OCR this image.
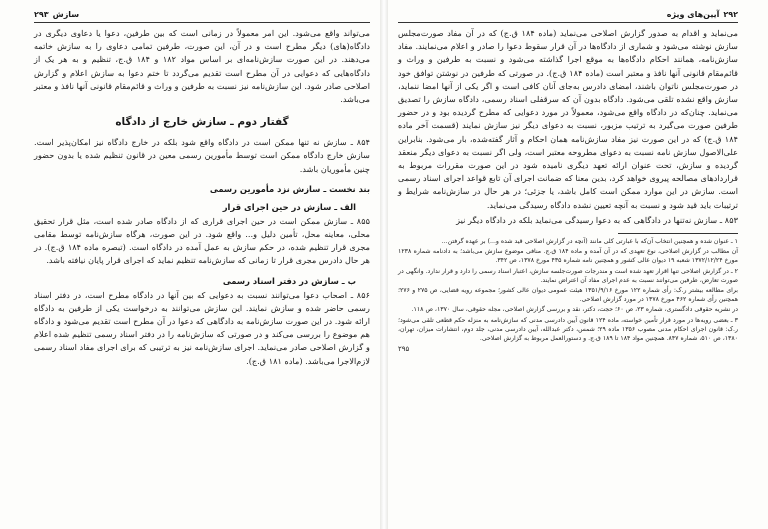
سازش
۲۹۳

می‌تواند واقع می‌شود. این امر معمولاً در زمانی است که بین طرفین، دعوا یا دعاوی دیگری در دادگاه(های) دیگر مطرح است و در آن، این صورت، طرفین تمامی دعاوی را به سازش خاتمه می‌دهند. در این صورت سازش‌نامه‌ای بر اساس مواد ۱۸۲ و ۱۸۴ ق.ج، تنظیم و به هر یک از دادگاه‌هایی که دعوایی در آن مطرح است تقدیم می‌گردد تا ختم دعوا به سازش اعلام و گزارش اصلاحی صادر شود. این سازش‌نامه نیز نسبت به طرفین و وراث و قائم‌مقام قانونی آنها نافذ و معتبر می‌باشد.

گفتار دوم ـ سازش خارج از دادگاه

۸۵۴ ـ سازش نه تنها ممکن است در دادگاه واقع شود بلکه در خارج دادگاه نیز امکان‌پذیر است. سازش خارج دادگاه ممکن است توسط مأمورین رسمی معین در قانون تنظیم شده یا بدون حضور چنین مأموریان باشد.

بند نخست ـ سازش نزد مأمورین رسمی
الف ـ سازش در حین اجرای قرار

۸۵۵ ـ سازش ممکن است در حین اجرای قراری که از دادگاه صادر شده است، مثل قرار تحقیق محلی، معاینه محل، تأمین دلیل و... واقع شود. در این صورت، هرگاه سازش‌نامه توسط مقامی مجری قرار تنظیم شده، در حکم سازش به عمل آمده در دادگاه است. (تبصره ماده ۱۸۴ ق.ج). در هر حال دادرس مجری قرار تا زمانی که سازش‌نامه تنظیم نماید که اجرای قرار پایان نیافته باشد.

ب ـ سازش در دفتر اسناد رسمی

۸۵۶ ـ اصحاب دعوا می‌توانند نسبت به دعوایی که بین آنها در دادگاه مطرح است، در دفتر اسناد رسمی حاضر شده و سازش نمایند. این سازش می‌توانند به درخواست یکی از طرفین به دادگاه ارائه شود. در این صورت سازش‌نامه به دادگاهی که دعوا در آن مطرح است تقدیم می‌شود و دادگاه هم موضوع را بررسی می‌کند و در صورتی که سازش‌نامه را در دفتر اسناد رسمی تنظیم شده اعلام و گزارش اصلاحی صادر می‌نماید. اجرای سازش‌نامه نیز به ترتیبی که برای اجرای مفاد اسناد رسمی لازم‌الاجرا می‌باشد. (ماده ۱۸۱ ق.ج).

۲۹۲
آیین‌های ویژه

می‌نماید و اقدام به صدور گزارش اصلاحی می‌نماید (ماده ۱۸۴ ق.ج) که در آن مفاد صورت‌مجلس سازش نوشته می‌شود و شماری از دادگاه‌ها در آن قرار سقوط دعوا را صادر و اعلام می‌نمایند. مفاد سازش‌نامه، همانند احکام دادگاه‌ها به موقع اجرا گذاشته می‌شود و نسبت به طرفین و وراث و قائم‌مقام قانونی آنها نافذ و معتبر است (ماده ۱۸۴ ق.ج). در صورتی که طرفین در نوشتن توافق خود در صورت‌مجلس ناتوان باشند، امضای دادرس به‌جای آنان کافی است و اگر یکی از آنها امضا ننماید، سازش واقع نشده تلقی می‌شود. دادگاه بدون آن که سرقفلی اسناد رسمی، دادگاه سازش را تصدیق می‌نماید. چنان‌که در دادگاه واقع می‌شود، معمولاً در مورد دعوایی که مطرح گردیده بود و در حضور طرفین صورت می‌گیرد به ترتیب مزبور، نسبت به دعوای دیگر نیز سازش نمایند (قسمت آخر ماده ۱۸۴ ق.ج) که در این صورت نیز مفاد سازش‌نامه همان احکام و آثار گفته‌شده، بار می‌شود. بنابراین علی‌الاصول سازش نامه نسبت به دعوای مطروحه معتبر است، ولی اگر نسبت به دعوای دیگر منعقد گردیده و سازش، تحت عنوان ارائه تعهد دیگری نامیده شود در این صورت مقررات مربوط به قراردادهای مصالحه پیروی خواهد کرد، بدین معنا که ضمانت اجرای آن تابع قواعد اجرای اسناد رسمی است. سازش در این موارد ممکن است کامل باشد، یا جزئی؛ در هر حال در سازش‌نامه شرایط و ترتیبات باید قید شود و نسبت به آنچه تعیین نشده دادگاه رسیدگی می‌نماید.

۸۵۳ ـ سازش نه‌تنها در دادگاهی که به دعوا رسیدگی می‌نماید بلکه در دادگاه دیگر نیز

۱ ـ عنوان شده و همچنین انتخاب آن‌که با عبارتی کلی مانند (آنچه در گزارش اصلاحی قید شده و...) بر عهده گرفتن...

آن مطالب در گزارش اصلاحی، نوع تعهدی که در آن آمده و ماده ۱۸۴ ق.ج. منافی موضوع سازش می‌باشد؛ به دادنامه شماره ۱۲۳۸ مورخ ۱۳۷۲/۱۲/۲۴ شعبه ۱۹ دیوان عالی کشور و همچنین نامه شماره ۴۳۵ مورخ ۱۳۷۸، ص ۳۴۲.

۲ ـ در گزارش اصلاحی تنها اقرار تعهد شده است و مندرجات صورت‌جلسه سازش، اعتبار اسناد رسمی را دارد و قرار ندارد. وانگهی در صورت تعارض، طرفین می‌توانند نسبت به عدم اجرای مفاد آن اعتراض نمایند.

برای مطالعه بیشتر ر.ک: رأی شماره ۱۲۲ مورخ ۱۳۵۱/۹/۱۶ هیئت عمومی دیوان عالی کشور؛ مجموعه رویه قضایی، ص ۲۷۵ و ۲۷۶؛ همچنین رأی شماره ۴۶۲ مورخ ۱۳۷۸ در مورد گزارش اصلاحی.

در نشریه حقوقی دادگستری، شماره ۲۳، ص ۶۰؛ حجت، دکتر، نقد و بررسی گزارش اصلاحی، مجله حقوقی، سال ۱۳۷۰، ص ۱۱۸.

۳ ـ بعضی رویه‌ها در مورد قرار تأمین خواسته، ماده ۱۲۴ قانون آیین دادرسی مدنی که سازش‌نامه به منزله حکم قطعی تلقی می‌شود؛ ر.ک: قانون اجرای احکام مدنی مصوب ۱۳۵۶ ماده ۲۹؛ شمس، دکتر عبدالله، آیین دادرسی مدنی، جلد دوم، انتشارات میزان، تهران، ۱۳۸۰، ص ۵۱۰، شماره ۸۴۷. همچنین مواد ۱۸۴ تا ۱۸۹ ق.ج. و دستورالعمل مربوط به گزارش اصلاحی.

۲۹۵
